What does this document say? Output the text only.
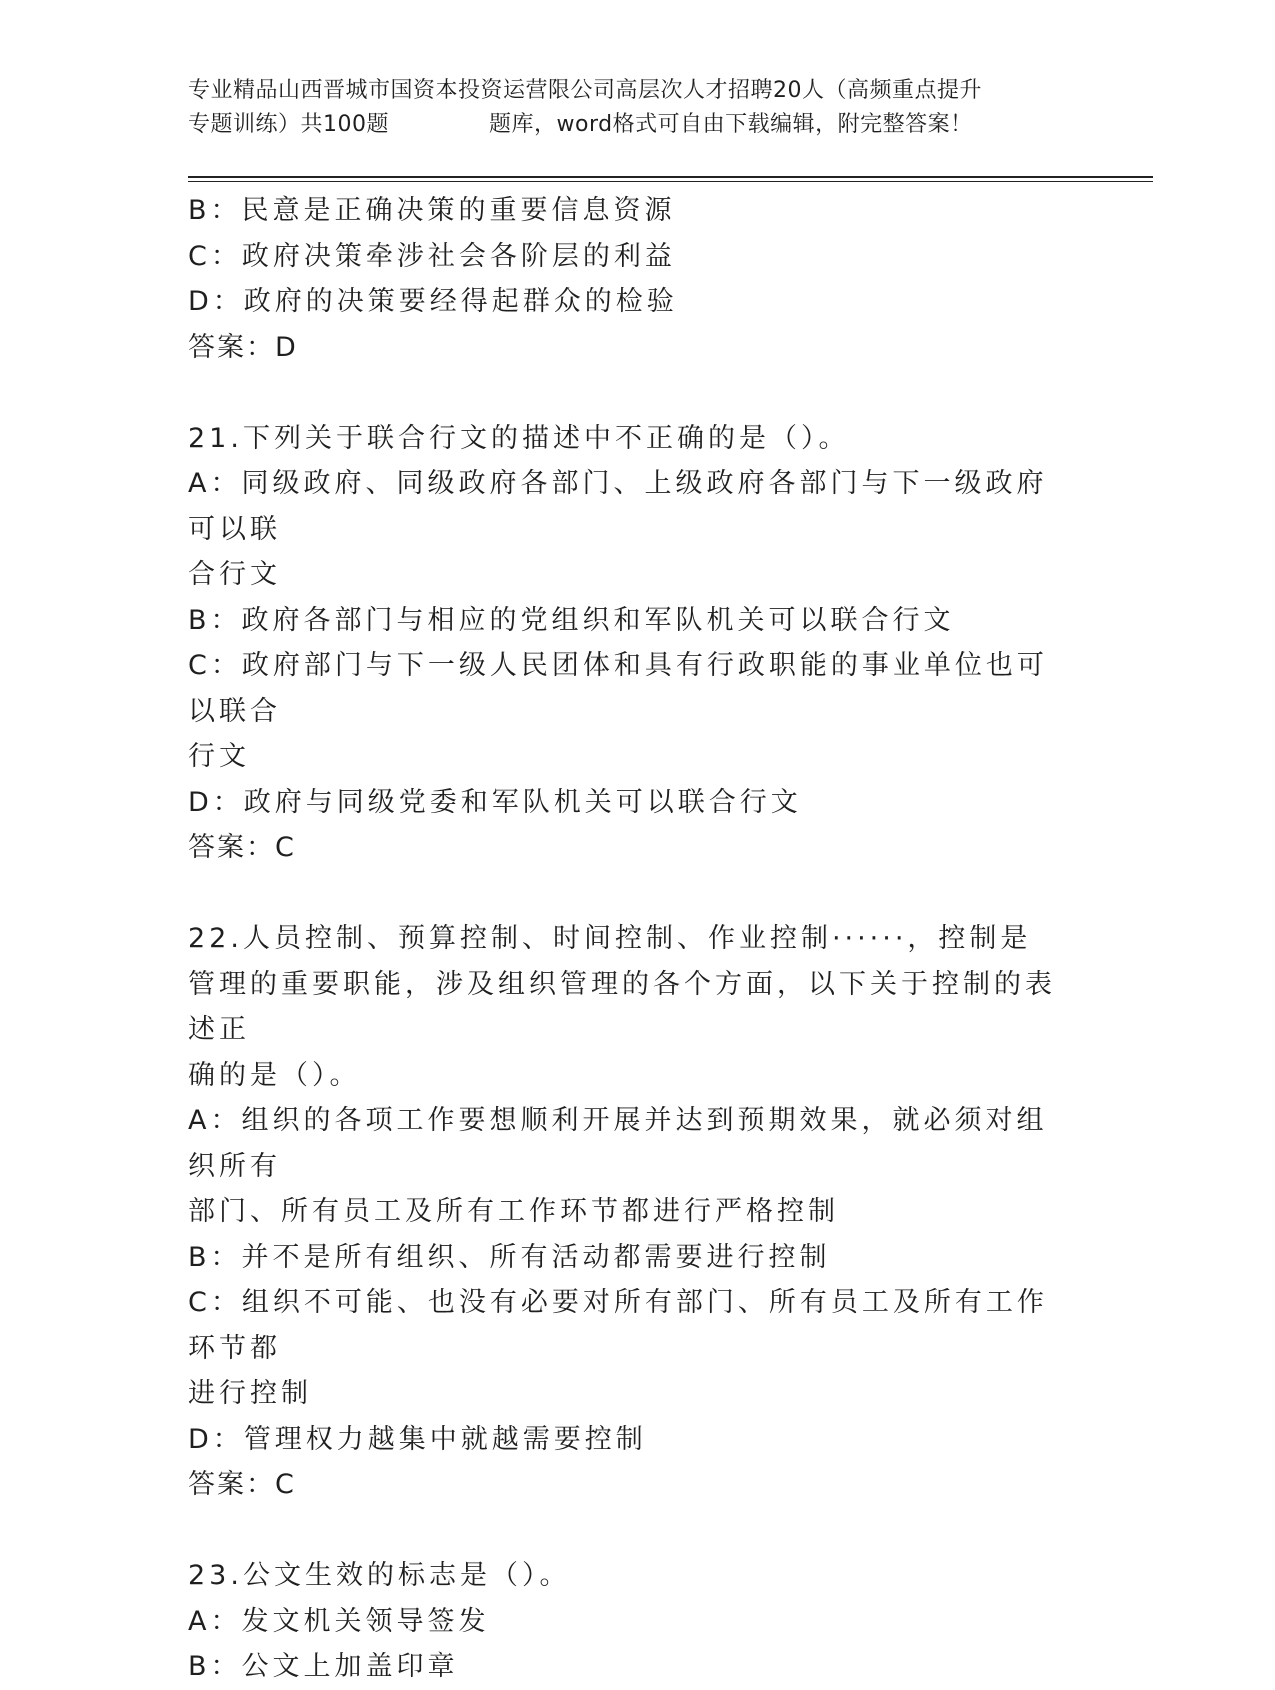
专业精品山西晋城市国资本投资运营限公司高层次人才招聘20人（高频重点提升
专题训练）共100题	题库，word格式可自由下载编辑，附完整答案！

B：民意是正确决策的重要信息资源

C：政府决策牵涉社会各阶层的利益

D：政府的决策要经得起群众的检验

答案：D

21.下列关于联合行文的描述中不正确的是（）。

A：同级政府、同级政府各部门、上级政府各部门与下一级政府可以联

合行文

B：政府各部门与相应的党组织和军队机关可以联合行文

C：政府部门与下一级人民团体和具有行政职能的事业单位也可以联合

行文

D：政府与同级党委和军队机关可以联合行文

答案：C

22.人员控制、预算控制、时间控制、作业控制······，控制是

管理的重要职能，涉及组织管理的各个方面，以下关于控制的表述正

确的是（）。

A：组织的各项工作要想顺利开展并达到预期效果，就必须对组织所有

部门、所有员工及所有工作环节都进行严格控制

B：并不是所有组织、所有活动都需要进行控制

C：组织不可能、也没有必要对所有部门、所有员工及所有工作环节都

进行控制

D：管理权力越集中就越需要控制

答案：C

23.公文生效的标志是（）。

A：发文机关领导签发

B：公文上加盖印章
